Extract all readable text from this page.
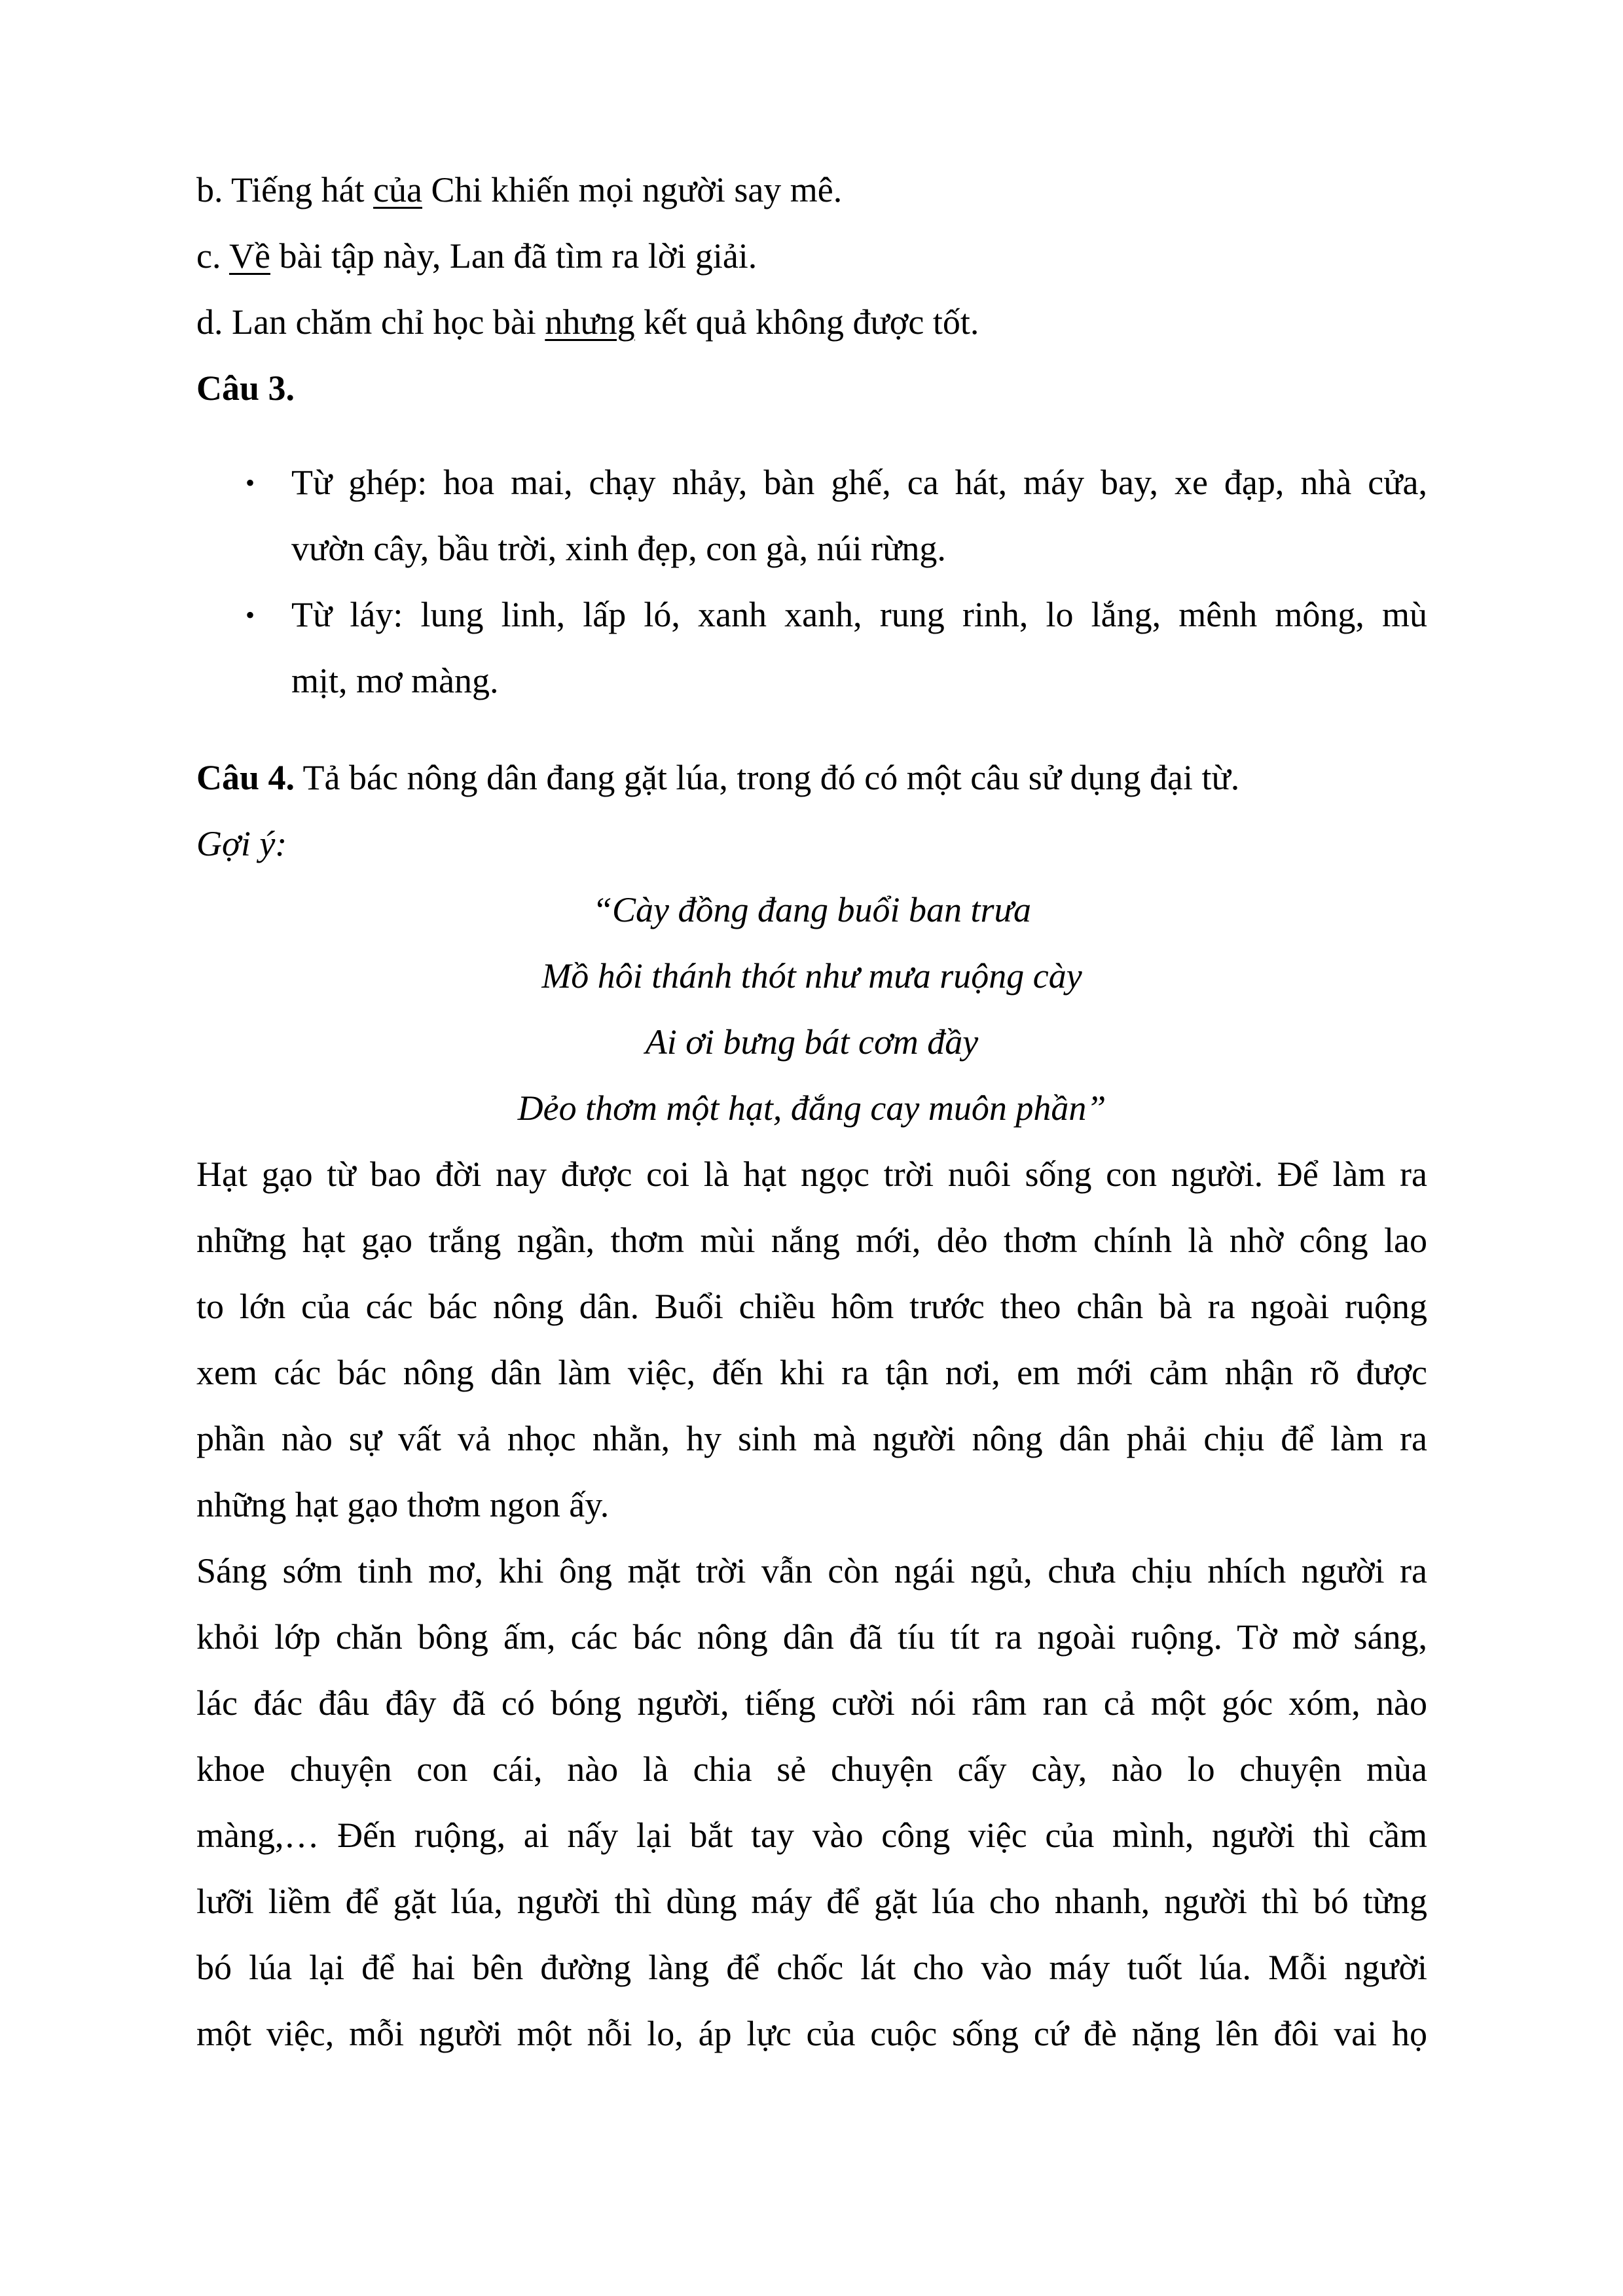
b. Tiếng hát của Chi khiến mọi người say mê.
c. Về bài tập này, Lan đã tìm ra lời giải.
d. Lan chăm chỉ học bài nhưng kết quả không được tốt.
Câu 3.
• Từ ghép: hoa mai, chạy nhảy, bàn ghế, ca hát, máy bay, xe đạp, nhà cửa,
vườn cây, bầu trời, xinh đẹp, con gà, núi rừng.
• Từ láy: lung linh, lấp ló, xanh xanh, rung rinh, lo lắng, mênh mông, mù
mịt, mơ màng.
Câu 4. Tả bác nông dân đang gặt lúa, trong đó có một câu sử dụng đại từ.
Gợi ý:
“Cày đồng đang buổi ban trưa
Mồ hôi thánh thót như mưa ruộng cày
Ai ơi bưng bát cơm đầy
Dẻo thơm một hạt, đắng cay muôn phần”
Hạt gạo từ bao đời nay được coi là hạt ngọc trời nuôi sống con người. Để làm ra
những hạt gạo trắng ngần, thơm mùi nắng mới, dẻo thơm chính là nhờ công lao
to lớn của các bác nông dân. Buổi chiều hôm trước theo chân bà ra ngoài ruộng
xem các bác nông dân làm việc, đến khi ra tận nơi, em mới cảm nhận rõ được
phần nào sự vất vả nhọc nhằn, hy sinh mà người nông dân phải chịu để làm ra
những hạt gạo thơm ngon ấy.
Sáng sớm tinh mơ, khi ông mặt trời vẫn còn ngái ngủ, chưa chịu nhích người ra
khỏi lớp chăn bông ấm, các bác nông dân đã tíu tít ra ngoài ruộng. Tờ mờ sáng,
lác đác đâu đây đã có bóng người, tiếng cười nói râm ran cả một góc xóm, nào
khoe chuyện con cái, nào là chia sẻ chuyện cấy cày, nào lo chuyện mùa
màng,… Đến ruộng, ai nấy lại bắt tay vào công việc của mình, người thì cầm
lưỡi liềm để gặt lúa, người thì dùng máy để gặt lúa cho nhanh, người thì bó từng
bó lúa lại để hai bên đường làng để chốc lát cho vào máy tuốt lúa. Mỗi người
một việc, mỗi người một nỗi lo, áp lực của cuộc sống cứ đè nặng lên đôi vai họ
